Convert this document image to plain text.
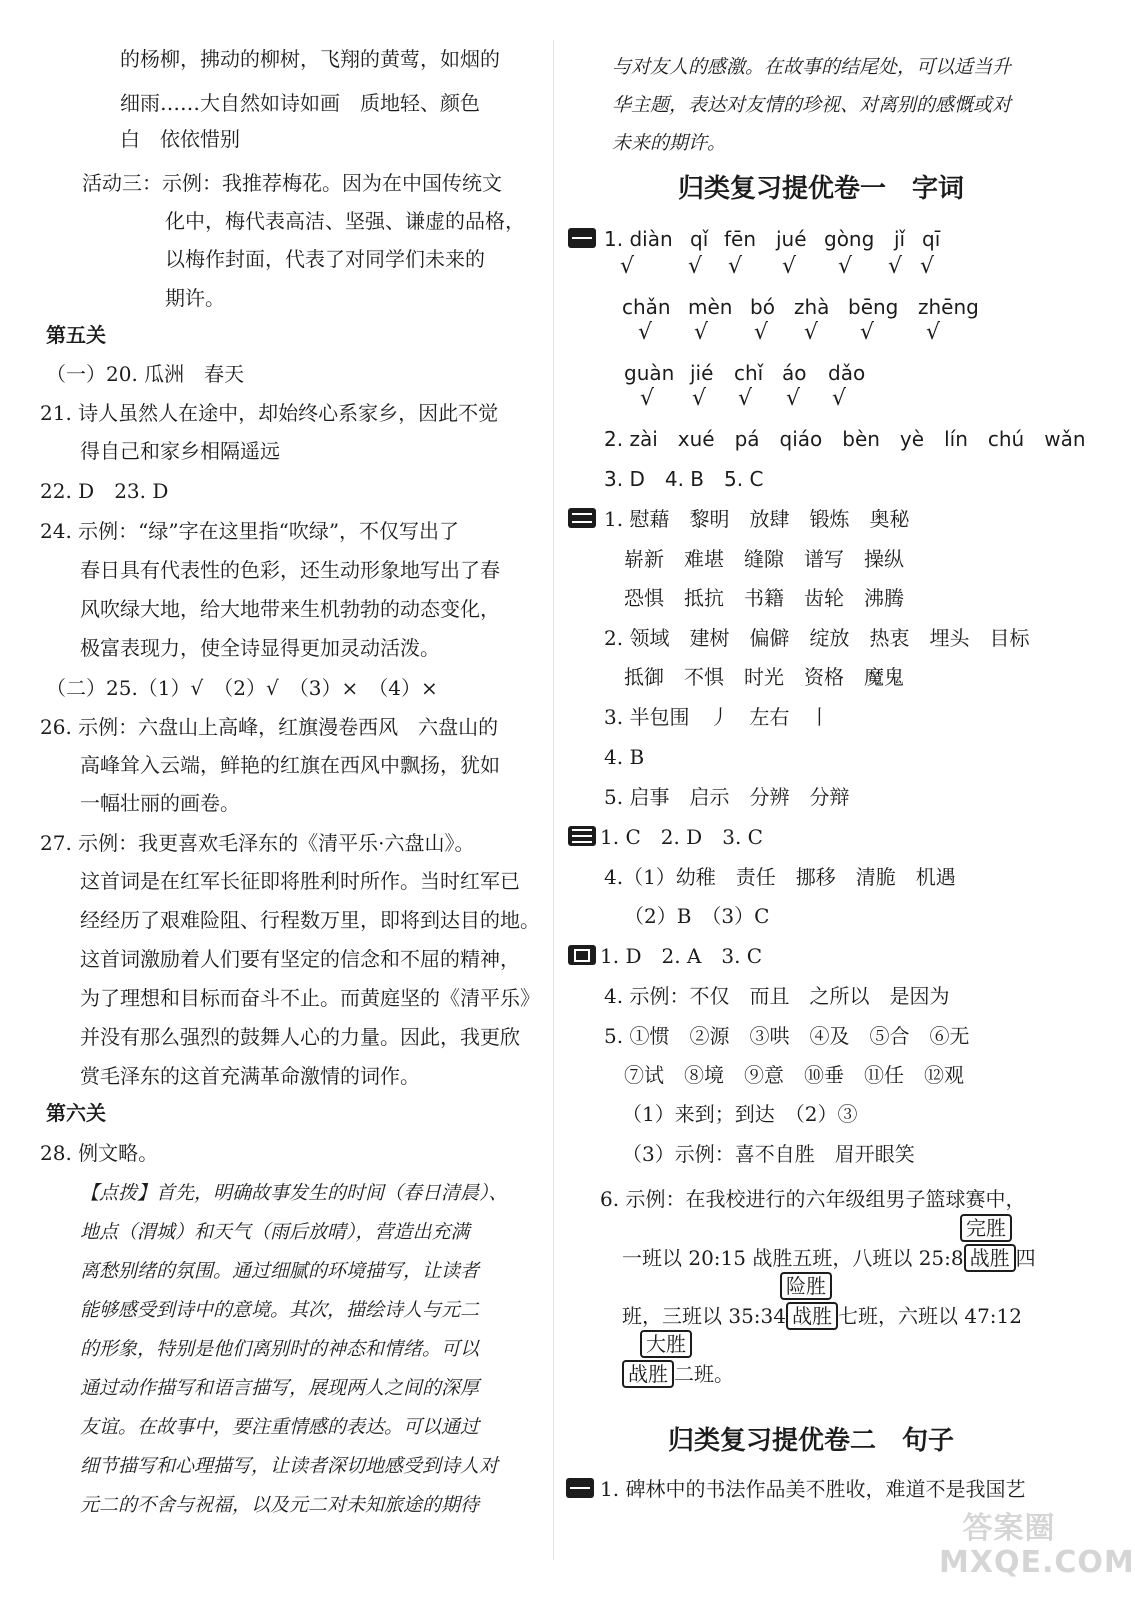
的杨柳，拂动的柳树，飞翔的黄莺，如烟的
细雨……大自然如诗如画　质地轻、颜色
白　依依惜别
活动三：示例：我推荐梅花。因为在中国传统文
化中，梅代表高洁、坚强、谦虚的品格，
以梅作封面，代表了对同学们未来的
期许。
第五关
（一）20. 瓜洲　春天
21. 诗人虽然人在途中，却始终心系家乡，因此不觉
得自己和家乡相隔遥远
22. D　23. D
24. 示例：“绿”字在这里指“吹绿”，不仅写出了
春日具有代表性的色彩，还生动形象地写出了春
风吹绿大地，给大地带来生机勃勃的动态变化，
极富表现力，使全诗显得更加灵动活泼。
（二）25.（1）√　（2）√　（3）×　（4）×
26. 示例：六盘山上高峰，红旗漫卷西风　六盘山的
高峰耸入云端，鲜艳的红旗在西风中飘扬，犹如
一幅壮丽的画卷。
27. 示例：我更喜欢毛泽东的《清平乐·六盘山》。
这首词是在红军长征即将胜利时所作。当时红军已
经经历了艰难险阻、行程数万里，即将到达目的地。
这首词激励着人们要有坚定的信念和不屈的精神，
为了理想和目标而奋斗不止。而黄庭坚的《清平乐》
并没有那么强烈的鼓舞人心的力量。因此，我更欣
赏毛泽东的这首充满革命激情的词作。
第六关
28. 例文略。
【点拨】首先，明确故事发生的时间（春日清晨）、
地点（渭城）和天气（雨后放晴），营造出充满
离愁别绪的氛围。通过细腻的环境描写，让读者
能够感受到诗中的意境。其次，描绘诗人与元二
的形象，特别是他们离别时的神态和情绪。可以
通过动作描写和语言描写，展现两人之间的深厚
友谊。在故事中，要注重情感的表达。可以通过
细节描写和心理描写，让读者深切地感受到诗人对
元二的不舍与祝福，以及元二对未知旅途的期待
与对友人的感激。在故事的结尾处，可以适当升
华主题，表达对友情的珍视、对离别的感慨或对
未来的期许。
归类复习提优卷一　字词
1. diàn qǐ fēn jué gòng jǐ qī
√ √ √ √ √ √ √
chǎn mèn bó zhà bēng zhēng
√ √ √ √ √ √
guàn jié chǐ áo dǎo
√ √ √ √ √
2. zài　xué　pá　qiáo　bèn　yè　lín　chú　wǎn
3. D　4. B　5. C
1. 慰藉　黎明　放肆　锻炼　奥秘
崭新　难堪　缝隙　谱写　操纵
恐惧　抵抗　书籍　齿轮　沸腾
2. 领域　建树　偏僻　绽放　热衷　埋头　目标
抵御　不惧　时光　资格　魔鬼
3. 半包围　丿　左右　丨
4. B
5. 启事　启示　分辨　分辩
1. C　2. D　3. C
4.（1）幼稚　责任　挪移　清脆　机遇
（2）B　（3）C
1. D　2. A　3. C
4. 示例：不仅　而且　之所以　是因为
5. ①惯　②源　③哄　④及　⑤合　⑥无
⑦试　⑧境　⑨意　⑩垂　⑪任　⑫观
（1）来到；到达　（2）③
（3）示例：喜不自胜　眉开眼笑
6. 示例：在我校进行的六年级组男子篮球赛中，
完胜
一班以 20:15 战胜五班，八班以 25:8 战胜 四
险胜
班，三班以 35:34 战胜 七班，六班以 47:12
大胜
战胜 二班。
归类复习提优卷二　句子
1. 碑林中的书法作品美不胜收，难道不是我国艺
答案圈 MXQE.COM
